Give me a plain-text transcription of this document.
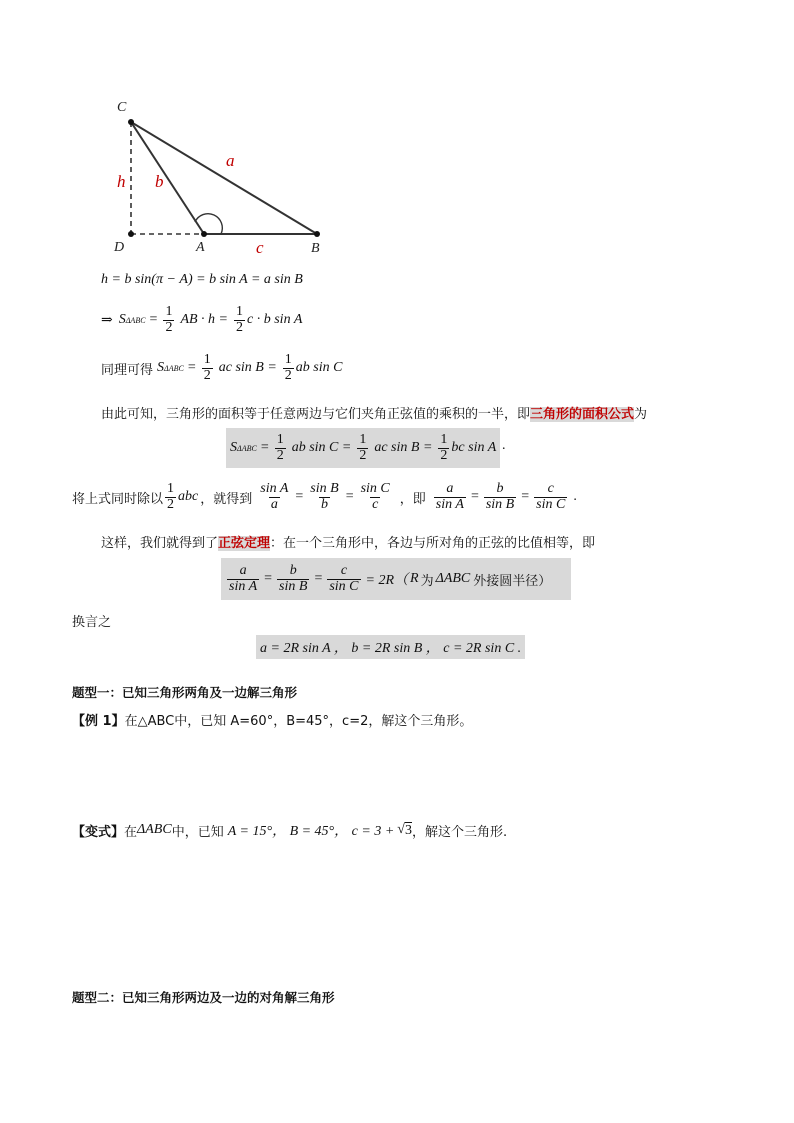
C
D	A	B
h b
a
c
h = b sin(π − A) = b sin A = a sin B
⇒ S $\Delta ABC = \frac{1}{2}$ AB · $h = \frac{1}{2}$ c · b sin A
同理可得 S $\Delta ABC = \frac{1}{2}$ ac $\sin B = \frac{1}{2}$ ab sin C
由此可知，三角形的面积等于任意两边与它们夹角正弦值的乘积的一半，即三角形的面积公式为
S $\Delta ABC = \frac{1}{2}$ ab $\sin C = \frac{1}{2}$ ac $\sin B = \frac{1}{2}$ bc sin A .
将上式同时除以 $\frac{1}{2}$ abc ，就得到 $\frac{\text{sin A}}{a} = \frac{\text{sin B}}{b} = \frac{\text{sin C}}{c}$ ，即 $\frac{a}{\text{sin A}} = \frac{b}{\text{sin B}} = \frac{c}{\text{sin C}}$ .
这样，我们就得到了正弦定理：在一个三角形中，各边与所对角的正弦的比值相等，即
$\frac{a}{\text{sin A}} = \frac{b}{\text{sin B}} = \frac{c}{\text{sin C}} = 2R$（ R 为 ΔABC 外接圆半径）
换言之
a = 2R sin A ， b = 2R sin B ， c = 2R sin C .
题型一：已知三角形两角及一边解三角形
【例 1】在△ABC中，已知 A=60°，B=45°，c=2，解这个三角形。
【变式】 在 ΔABC 中，已知 A = 15°， B = 45°， c = 3 + √ 3 ，解这个三角形.
题型二：已知三角形两边及一边的对角解三角形
